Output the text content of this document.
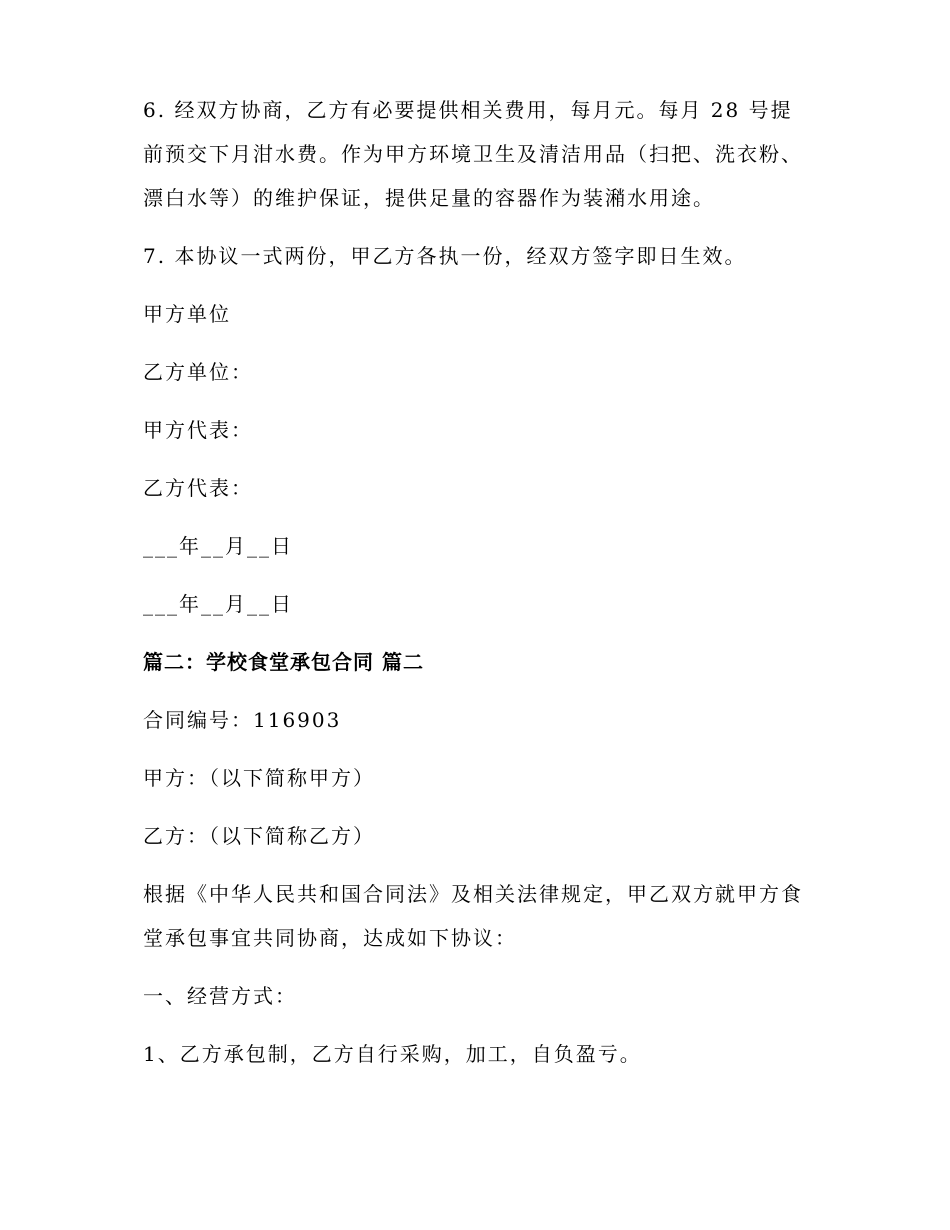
6. 经双方协商，乙方有必要提供相关费用，每月元。每月 28 号提前预交下月泔水费。作为甲方环境卫生及清洁用品（扫把、洗衣粉、漂白水等）的维护保证，提供足量的容器作为装潲水用途。

7. 本协议一式两份，甲乙方各执一份，经双方签字即日生效。

甲方单位

乙方单位：

甲方代表：

乙方代表：

___年__月__日

___年__月__日

篇二：学校食堂承包合同 篇二

合同编号：116903

甲方：（以下简称甲方）

乙方：（以下简称乙方）

根据《中华人民共和国合同法》及相关法律规定，甲乙双方就甲方食堂承包事宜共同协商，达成如下协议：

一、经营方式：

1、乙方承包制，乙方自行采购，加工，自负盈亏。
